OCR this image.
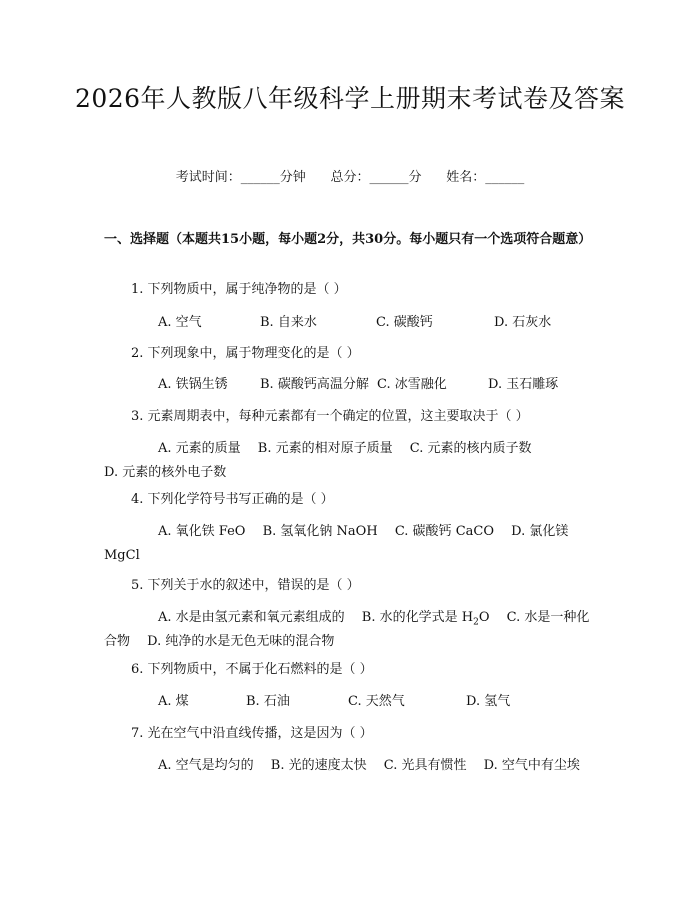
2026年人教版八年级科学上册期末考试卷及答案
考试时间：______分钟      总分：______分      姓名：______
一、选择题（本题共15小题，每小题2分，共30分。每小题只有一个选项符合题意）
1. 下列物质中，属于纯净物的是（ ）
A. 空气	B. 自来水	C. 碳酸钙	D. 石灰水
2. 下列现象中，属于物理变化的是（ ）
A. 铁锅生锈 B. 碳酸钙高温分解 C. 冰雪融化	D. 玉石雕琢
3. 元素周期表中，每种元素都有一个确定的位置，这主要取决于（ ）
A. 元素的质量　 B. 元素的相对原子质量　 C. 元素的核内质子数 D. 元素的核外电子数
4. 下列化学符号书写正确的是（ ）
A. 氧化铁 FeO　 B. 氢氧化钠 NaOH　 C. 碳酸钙 CaCO　 D. 氯化镁 MgCl
5. 下列关于水的叙述中，错误的是（ ）
A. 水是由氢元素和氧元素组成的　 B. 水的化学式是 $H_2O$　 C. 水是一种化合物　 D. 纯净的水是无色无味的混合物
6. 下列物质中，不属于化石燃料的是（ ）
A. 煤	B. 石油	C. 天然气	D. 氢气
7. 光在空气中沿直线传播，这是因为（ ）
A. 空气是均匀的　 B. 光的速度太快　 C. 光具有惯性　 D. 空气中有尘埃
